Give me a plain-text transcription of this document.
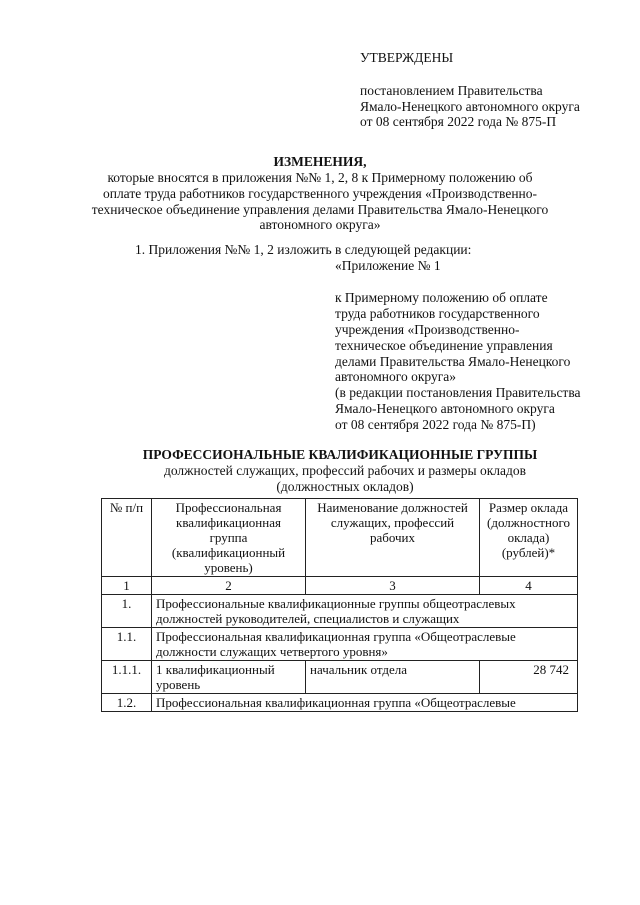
УТВЕРЖДЕНЫ
постановлением Правительства
Ямало-Ненецкого автономного округа
от 08 сентября 2022 года № 875-П
ИЗМЕНЕНИЯ,
которые вносятся в приложения №№ 1, 2, 8 к Примерному положению об
оплате труда работников государственного учреждения «Производственно-
техническое объединение управления делами Правительства Ямало-Ненецкого
автономного округа»
1. Приложения №№ 1, 2 изложить в следующей редакции:
«Приложение № 1
к Примерному положению об оплате
труда работников государственного
учреждения «Производственно-
техническое объединение управления
делами Правительства Ямало-Ненецкого
автономного округа»
(в редакции постановления Правительства
Ямало-Ненецкого автономного округа
от 08 сентября 2022 года № 875-П)
ПРОФЕССИОНАЛЬНЫЕ КВАЛИФИКАЦИОННЫЕ ГРУППЫ
должностей служащих, профессий рабочих и размеры окладов
(должностных окладов)
№ п/п	Профессиональная квалификационная группа (квалификационный уровень)	Наименование должностей служащих, профессий рабочих	Размер оклада (должностного оклада) (рублей)*
1	2	3	4
1.	Профессиональные квалификационные группы общеотраслевых должностей руководителей, специалистов и служащих		
1.1.	Профессиональная квалификационная группа «Общеотраслевые должности служащих четвертого уровня»		
1.1.1.	1 квалификационный уровень	начальник отдела	28 742
1.2.	Профессиональная квалификационная группа «Общеотраслевые		
